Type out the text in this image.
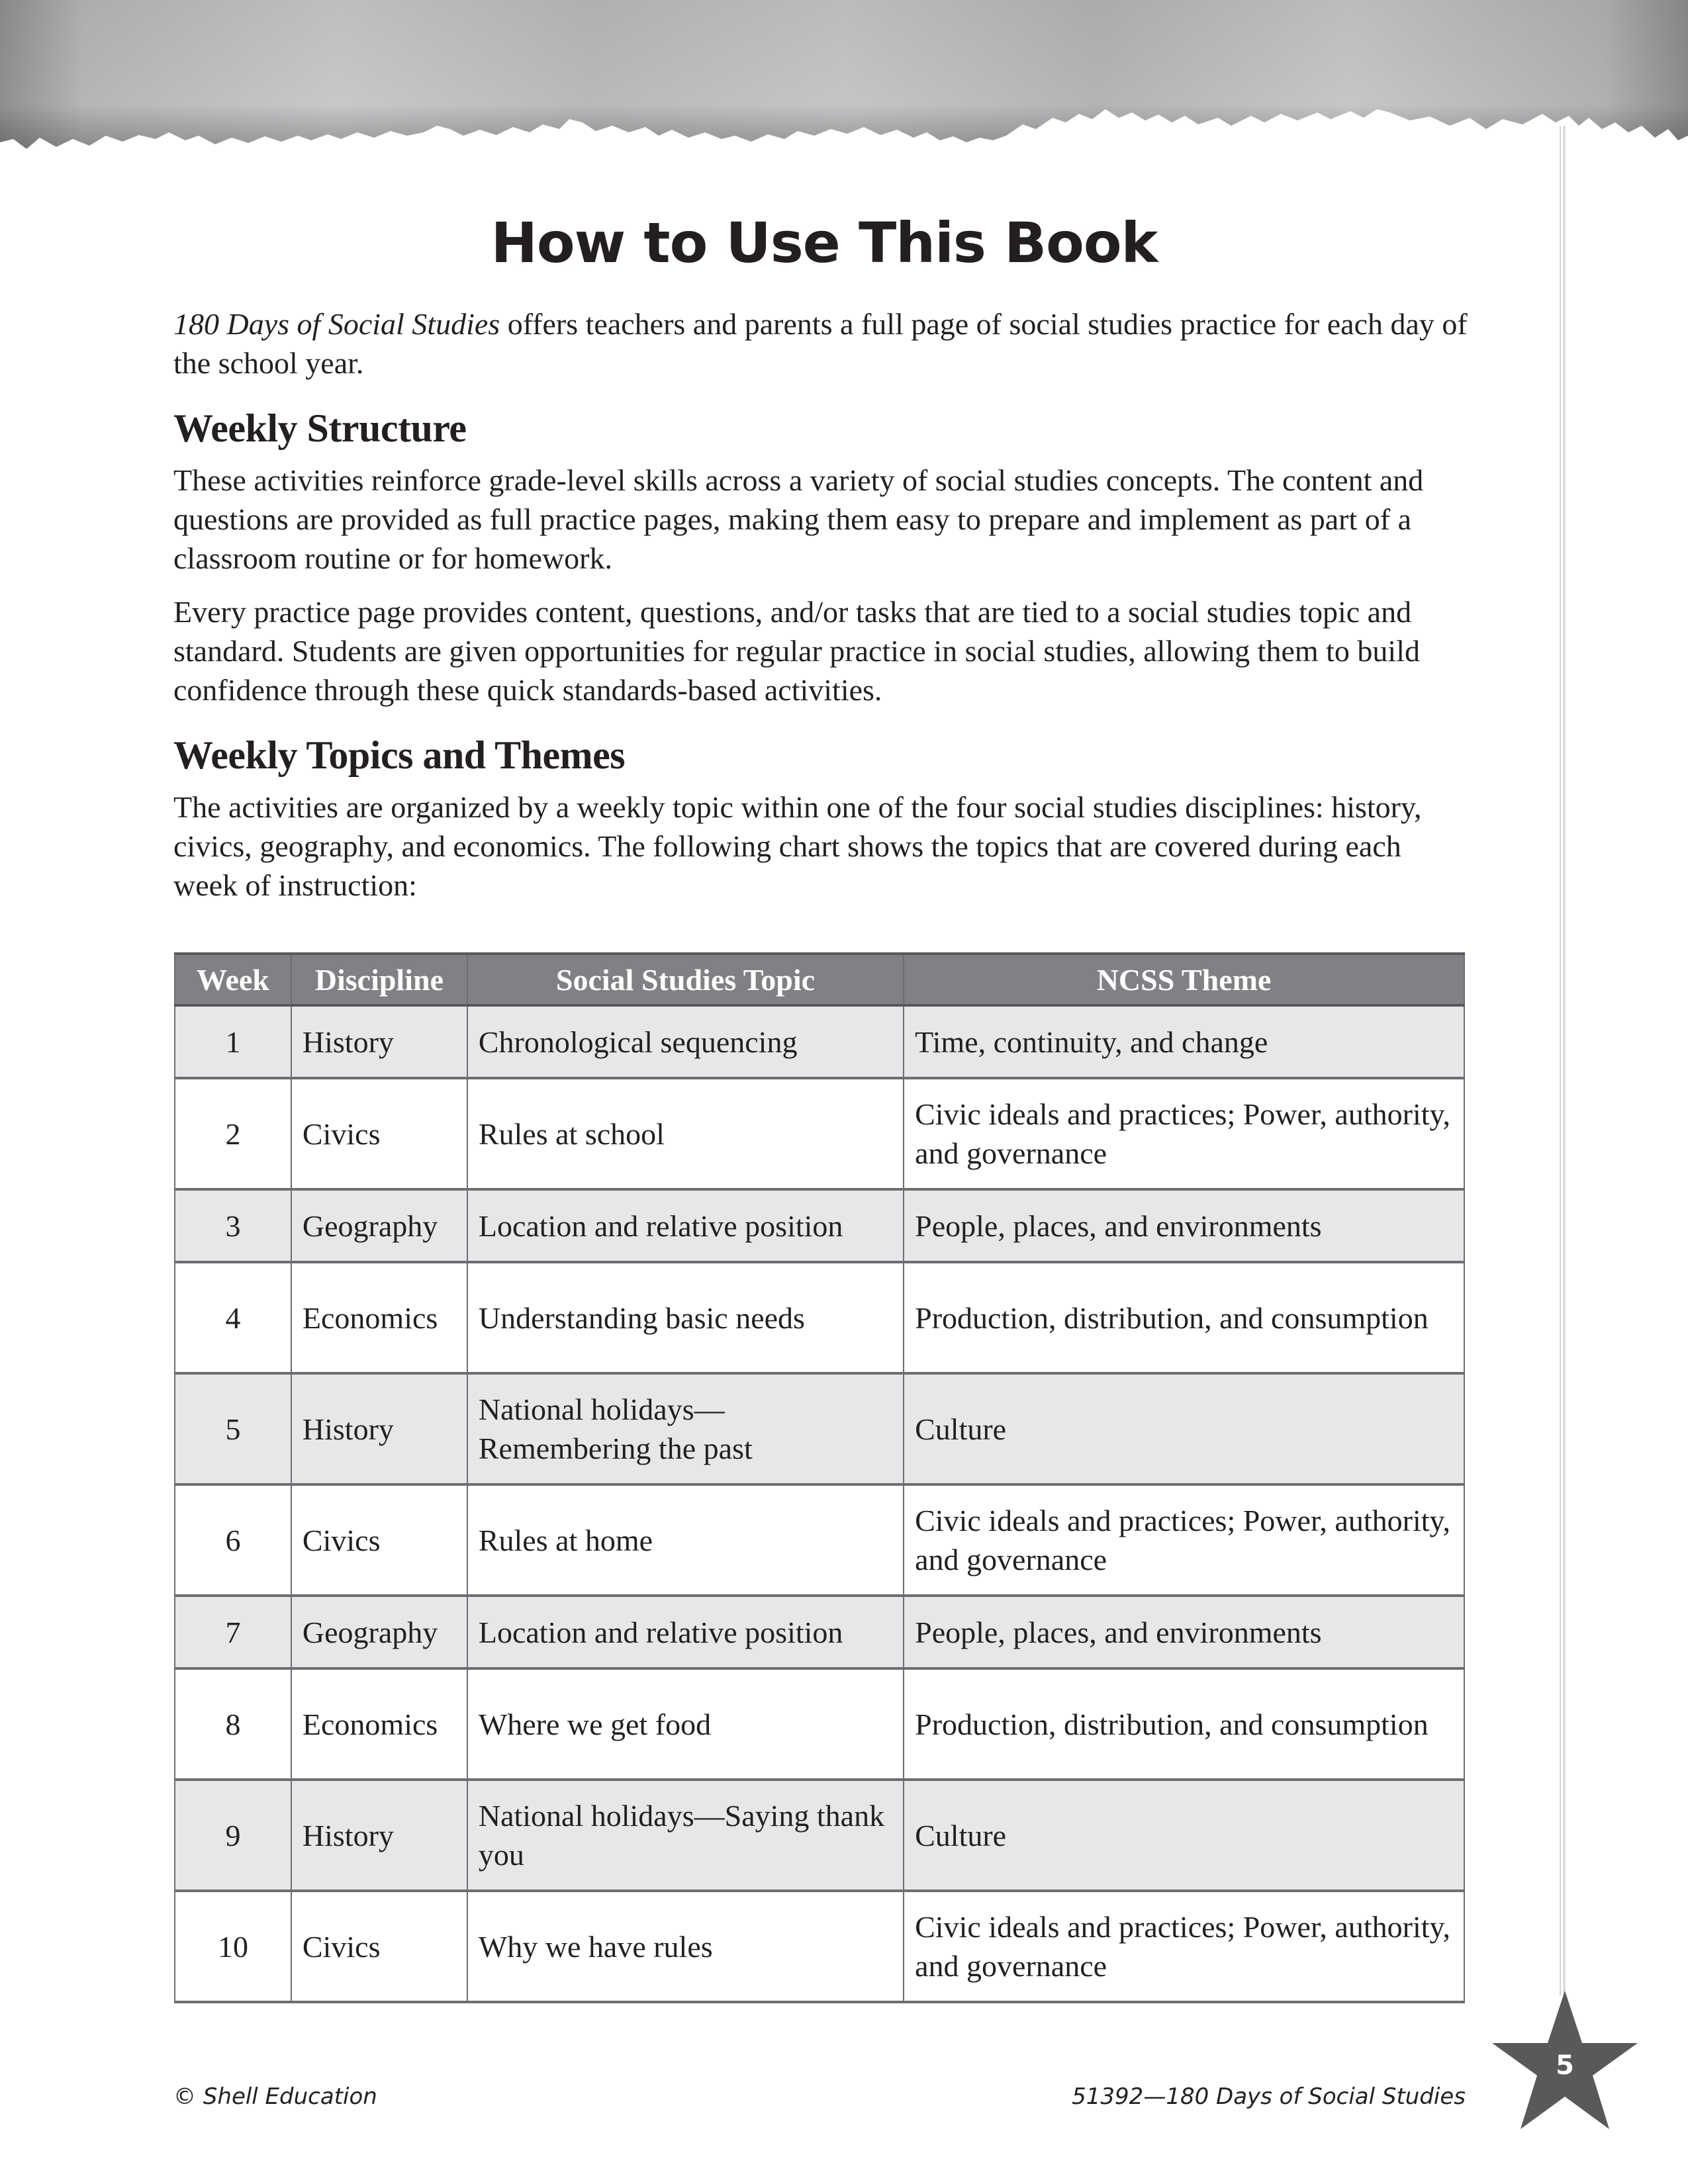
How to Use This Book

180 Days of Social Studies offers teachers and parents a full page of social studies practice for each day of the school year.

Weekly Structure

These activities reinforce grade-level skills across a variety of social studies concepts. The content and questions are provided as full practice pages, making them easy to prepare and implement as part of a classroom routine or for homework.

Every practice page provides content, questions, and/or tasks that are tied to a social studies topic and standard. Students are given opportunities for regular practice in social studies, allowing them to build confidence through these quick standards-based activities.

Weekly Topics and Themes

The activities are organized by a weekly topic within one of the four social studies disciplines: history, civics, geography, and economics. The following chart shows the topics that are covered during each week of instruction:

Week	Discipline	Social Studies Topic	NCSS Theme
1	History	Chronological sequencing	Time, continuity, and change
2	Civics	Rules at school	Civic ideals and practices; Power, authority, and governance
3	Geography	Location and relative position	People, places, and environments
4	Economics	Understanding basic needs	Production, distribution, and consumption
5	History	National holidays— Remembering the past	Culture
6	Civics	Rules at home	Civic ideals and practices; Power, authority, and governance
7	Geography	Location and relative position	People, places, and environments
8	Economics	Where we get food	Production, distribution, and consumption
9	History	National holidays—Saying thank you	Culture
10	Civics	Why we have rules	Civic ideals and practices; Power, authority, and governance
© Shell Education	51392—180 Days of Social Studies
5
